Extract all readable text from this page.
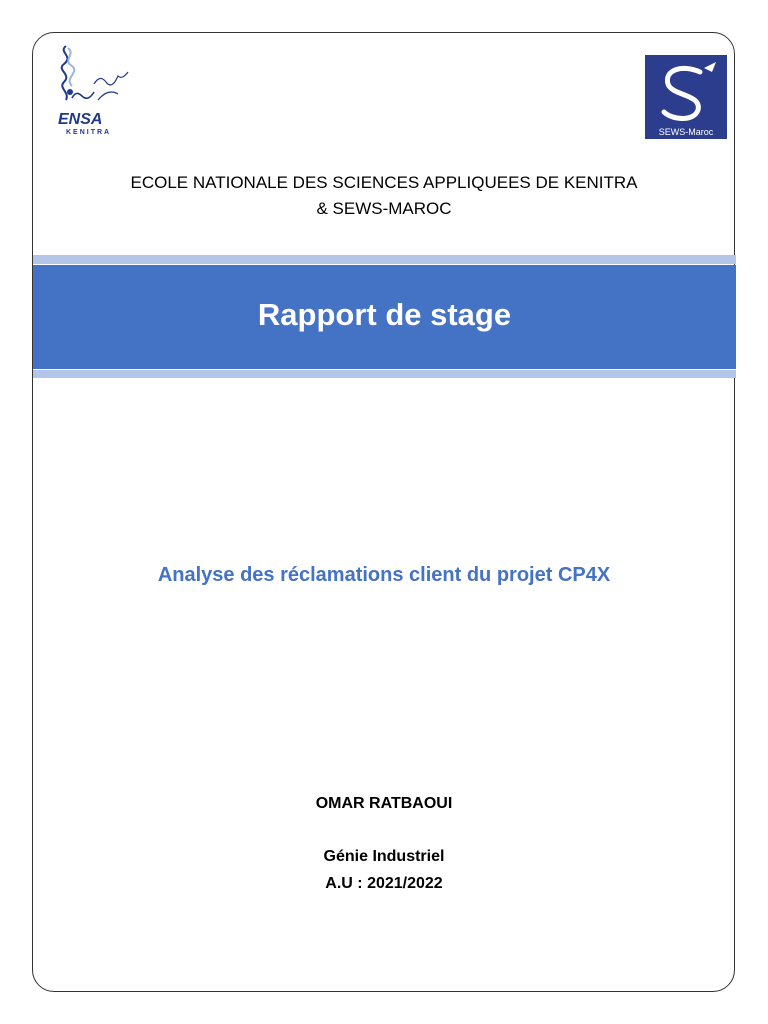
ENSA
KENITRA	SEWS-Maroc
ECOLE NATIONALE DES SCIENCES APPLIQUEES DE KENITRA
& SEWS-MAROC
Rapport de stage
Analyse des réclamations client du projet CP4X
OMAR RATBAOUI
Génie Industriel
A.U : 2021/2022
